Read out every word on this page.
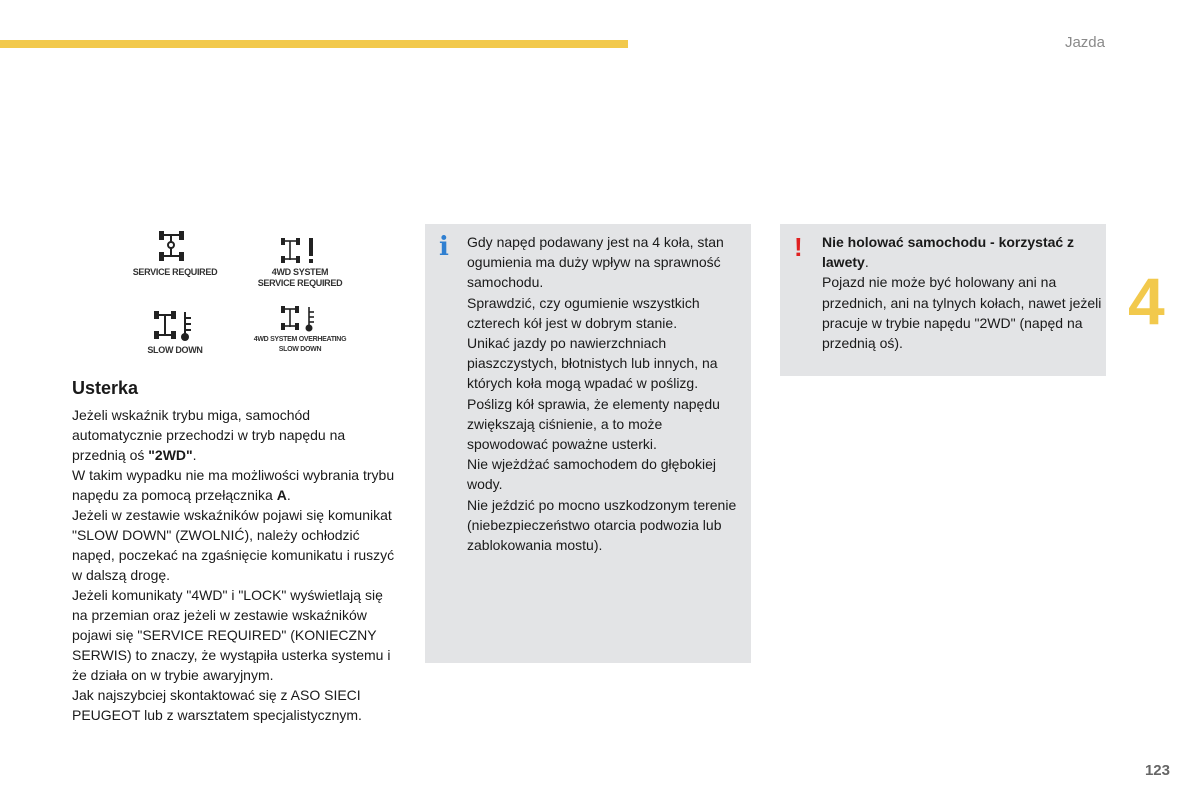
Jazda
4
123
SERVICE REQUIRED	4WD SYSTEM
SERVICE REQUIRED
SLOW DOWN
4WD SYSTEM OVERHEATING
SLOW DOWN
Usterka

Jeżeli wskaźnik trybu miga, samochód automatycznie przechodzi w tryb napędu na przednią oś "2WD".

W takim wypadku nie ma możliwości wybrania trybu napędu za pomocą przełącznika A.

Jeżeli w zestawie wskaźników pojawi się komunikat "SLOW DOWN" (ZWOLNIĆ), należy ochłodzić napęd, poczekać na zgaśnięcie komunikatu i ruszyć w dalszą drogę.

Jeżeli komunikaty "4WD" i "LOCK" wyświetlają się na przemian oraz jeżeli w zestawie wskaźników pojawi się "SERVICE REQUIRED" (KONIECZNY SERWIS) to znaczy, że wystąpiła usterka systemu i że działa on w trybie awaryjnym.

Jak najszybciej skontaktować się z ASO SIECI PEUGEOT lub z warsztatem specjalistycznym.

i Gdy napęd podawany jest na 4 koła, stan ogumienia ma duży wpływ na sprawność samochodu.

Sprawdzić, czy ogumienie wszystkich czterech kół jest w dobrym stanie.

Unikać jazdy po nawierzchniach piaszczystych, błotnistych lub innych, na których koła mogą wpadać w poślizg.

Poślizg kół sprawia, że elementy napędu zwiększają ciśnienie, a to może spowodować poważne usterki.

Nie wjeżdżać samochodem do głębokiej wody.

Nie jeździć po mocno uszkodzonym terenie (niebezpieczeństwo otarcia podwozia lub zablokowania mostu).

! Nie holować samochodu - korzystać z lawety.

Pojazd nie może być holowany ani na przednich, ani na tylnych kołach, nawet jeżeli pracuje w trybie napędu "2WD" (napęd na przednią oś).
